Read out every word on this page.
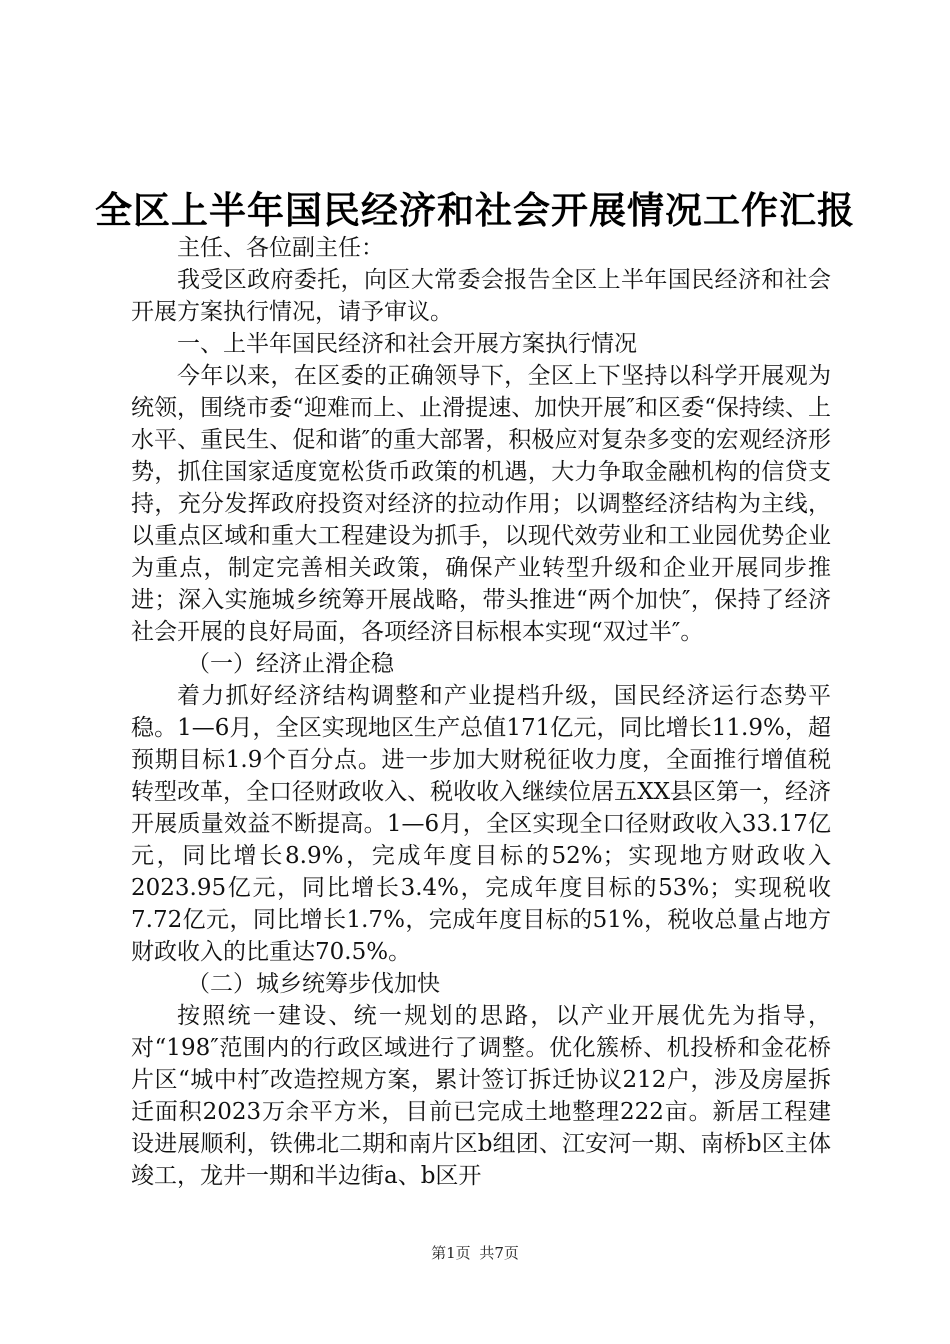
全区上半年国民经济和社会开展情况工作汇报

主任、各位副主任：

我受区政府委托，向区大常委会报告全区上半年国民经济和社会开展方案执行情况，请予审议。

一、上半年国民经济和社会开展方案执行情况

今年以来，在区委的正确领导下，全区上下坚持以科学开展观为统领，围绕市委“迎难而上、止滑提速、加快开展″和区委“保持续、上水平、重民生、促和谐″的重大部署，积极应对复杂多变的宏观经济形势，抓住国家适度宽松货币政策的机遇，大力争取金融机构的信贷支持，充分发挥政府投资对经济的拉动作用；以调整经济结构为主线，以重点区域和重大工程建设为抓手，以现代效劳业和工业园优势企业为重点，制定完善相关政策，确保产业转型升级和企业开展同步推进；深入实施城乡统筹开展战略，带头推进“两个加快″，保持了经济社会开展的良好局面，各项经济目标根本实现“双过半″。

（一）经济止滑企稳

着力抓好经济结构调整和产业提档升级，国民经济运行态势平稳。1—6月，全区实现地区生产总值171亿元，同比增长11.9%，超预期目标1.9个百分点。进一步加大财税征收力度，全面推行增值税转型改革，全口径财政收入、税收收入继续位居五XX县区第一，经济开展质量效益不断提高。1—6月，全区实现全口径财政收入33.17亿元，同比增长8.9%，完成年度目标的52%；实现地方财政收入2023.95亿元，同比增长3.4%，完成年度目标的53%；实现税收7.72亿元，同比增长1.7%，完成年度目标的51%，税收总量占地方财政收入的比重达70.5%。

（二）城乡统筹步伐加快

按照统一建设、统一规划的思路，以产业开展优先为指导，对“198″范围内的行政区域进行了调整。优化簇桥、机投桥和金花桥片区“城中村″改造控规方案，累计签订拆迁协议212户，涉及房屋拆迁面积2023万余平方米，目前已完成土地整理222亩。新居工程建设进展顺利，铁佛北二期和南片区b组团、江安河一期、南桥b区主体竣工，龙井一期和半边街a、b区开

第1页 共7页
